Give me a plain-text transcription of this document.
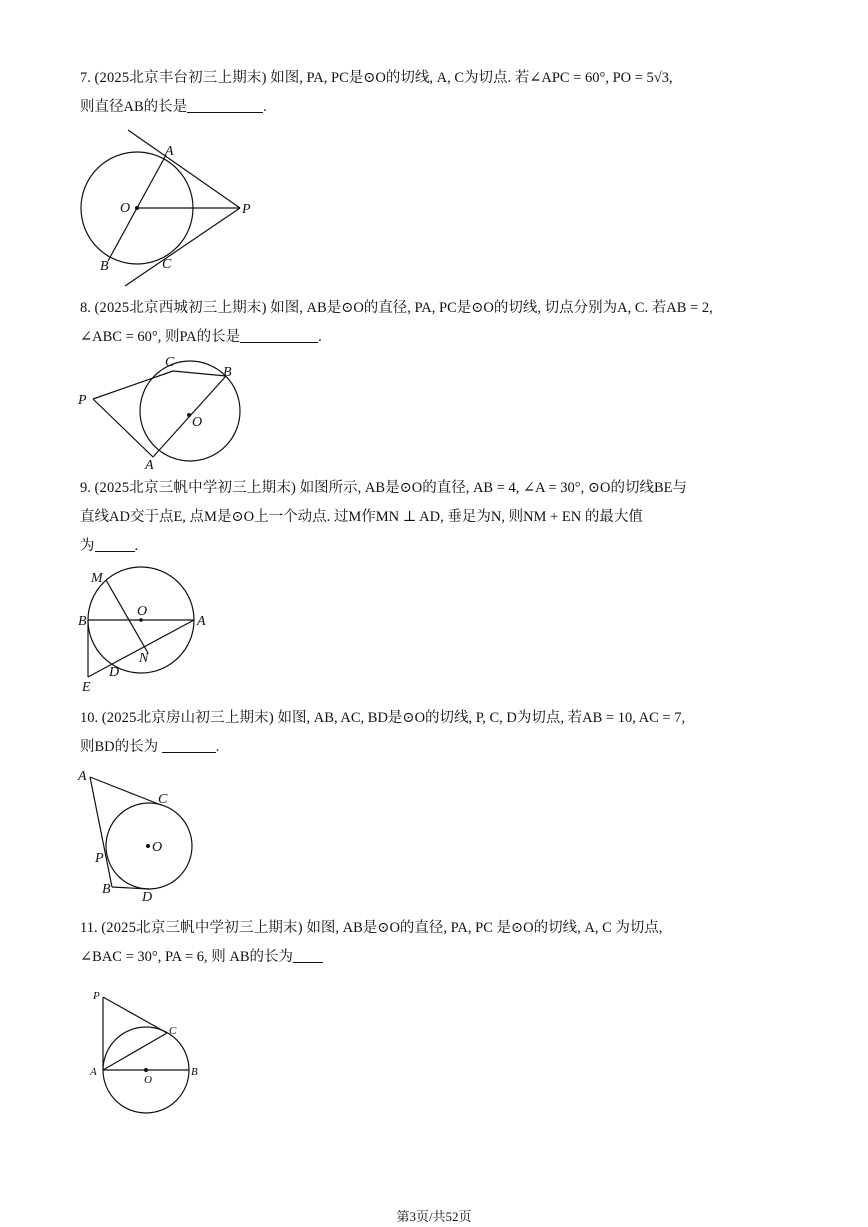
7. (2025北京丰台初三上期末) 如图, PA, PC是⊙O的切线, A, C为切点. 若∠APC = 60°, PO = 5√3,

则直径AB的长是	.

A
O	P
B	C

8. (2025北京西城初三上期末) 如图, AB是⊙O的直径, PA, PC是⊙O的切线, 切点分别为A, C. 若AB = 2,

∠ABC = 60°, 则PA的长是	.

P
C
B
O
A

9. (2025北京三帆中学初三上期末) 如图所示, AB是⊙O的直径, AB = 4, ∠A = 30°, ⊙O的切线BE与

直线AD交于点E, 点M是⊙O上一个动点. 过M作MN ⊥ AD, 垂足为N, 则NM + EN 的最大值

为	.

M
O
B	A
N
D
E

10. (2025北京房山初三上期末) 如图, AB, AC, BD是⊙O的切线, P, C, D为切点, 若AB = 10, AC = 7,

则BD的长为	.

A
C
O
P
B
D

11. (2025北京三帆中学初三上期末) 如图, AB是⊙O的直径, PA, PC 是⊙O的切线, A, C 为切点,

∠BAC = 30°, PA = 6, 则 AB的长为

P
C
A
O
B
第3页/共52页
